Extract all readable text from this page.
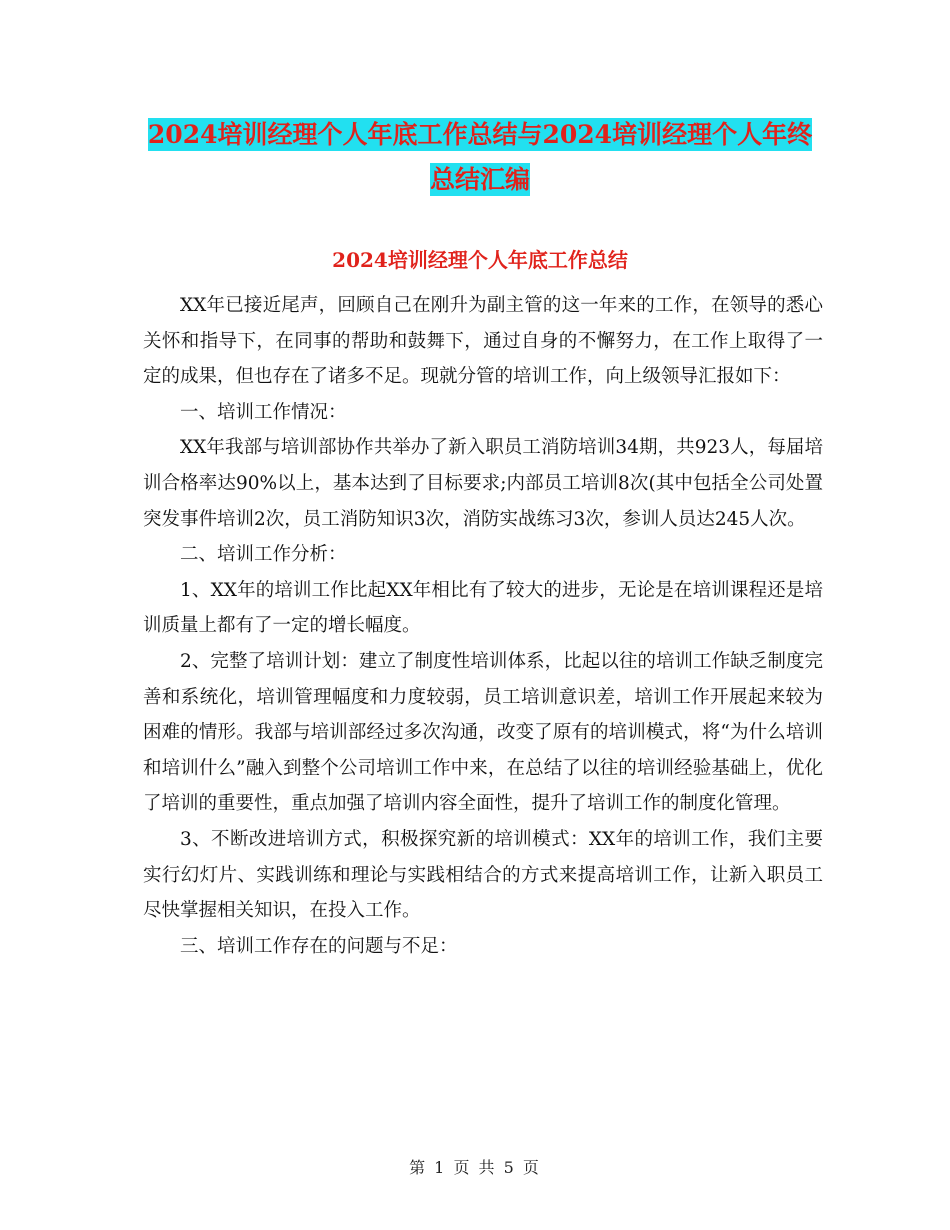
2024培训经理个人年底工作总结与2024培训经理个人年终总结汇编
2024培训经理个人年底工作总结

XX年已接近尾声，回顾自己在刚升为副主管的这一年来的工作，在领导的悉心关怀和指导下，在同事的帮助和鼓舞下，通过自身的不懈努力，在工作上取得了一定的成果，但也存在了诸多不足。现就分管的培训工作，向上级领导汇报如下：

一、培训工作情况：

XX年我部与培训部协作共举办了新入职员工消防培训34期，共923人，每届培训合格率达90%以上，基本达到了目标要求;内部员工培训8次(其中包括全公司处置突发事件培训2次，员工消防知识3次，消防实战练习3次，参训人员达245人次。

二、培训工作分析：

1、XX年的培训工作比起XX年相比有了较大的进步，无论是在培训课程还是培训质量上都有了一定的增长幅度。

2、完整了培训计划：建立了制度性培训体系，比起以往的培训工作缺乏制度完善和系统化，培训管理幅度和力度较弱，员工培训意识差，培训工作开展起来较为困难的情形。我部与培训部经过多次沟通，改变了原有的培训模式，将“为什么培训和培训什么”融入到整个公司培训工作中来，在总结了以往的培训经验基础上，优化了培训的重要性，重点加强了培训内容全面性，提升了培训工作的制度化管理。

3、不断改进培训方式，积极探究新的培训模式：XX年的培训工作，我们主要实行幻灯片、实践训练和理论与实践相结合的方式来提高培训工作，让新入职员工尽快掌握相关知识，在投入工作。

三、培训工作存在的问题与不足：

第 1 页 共 5 页
